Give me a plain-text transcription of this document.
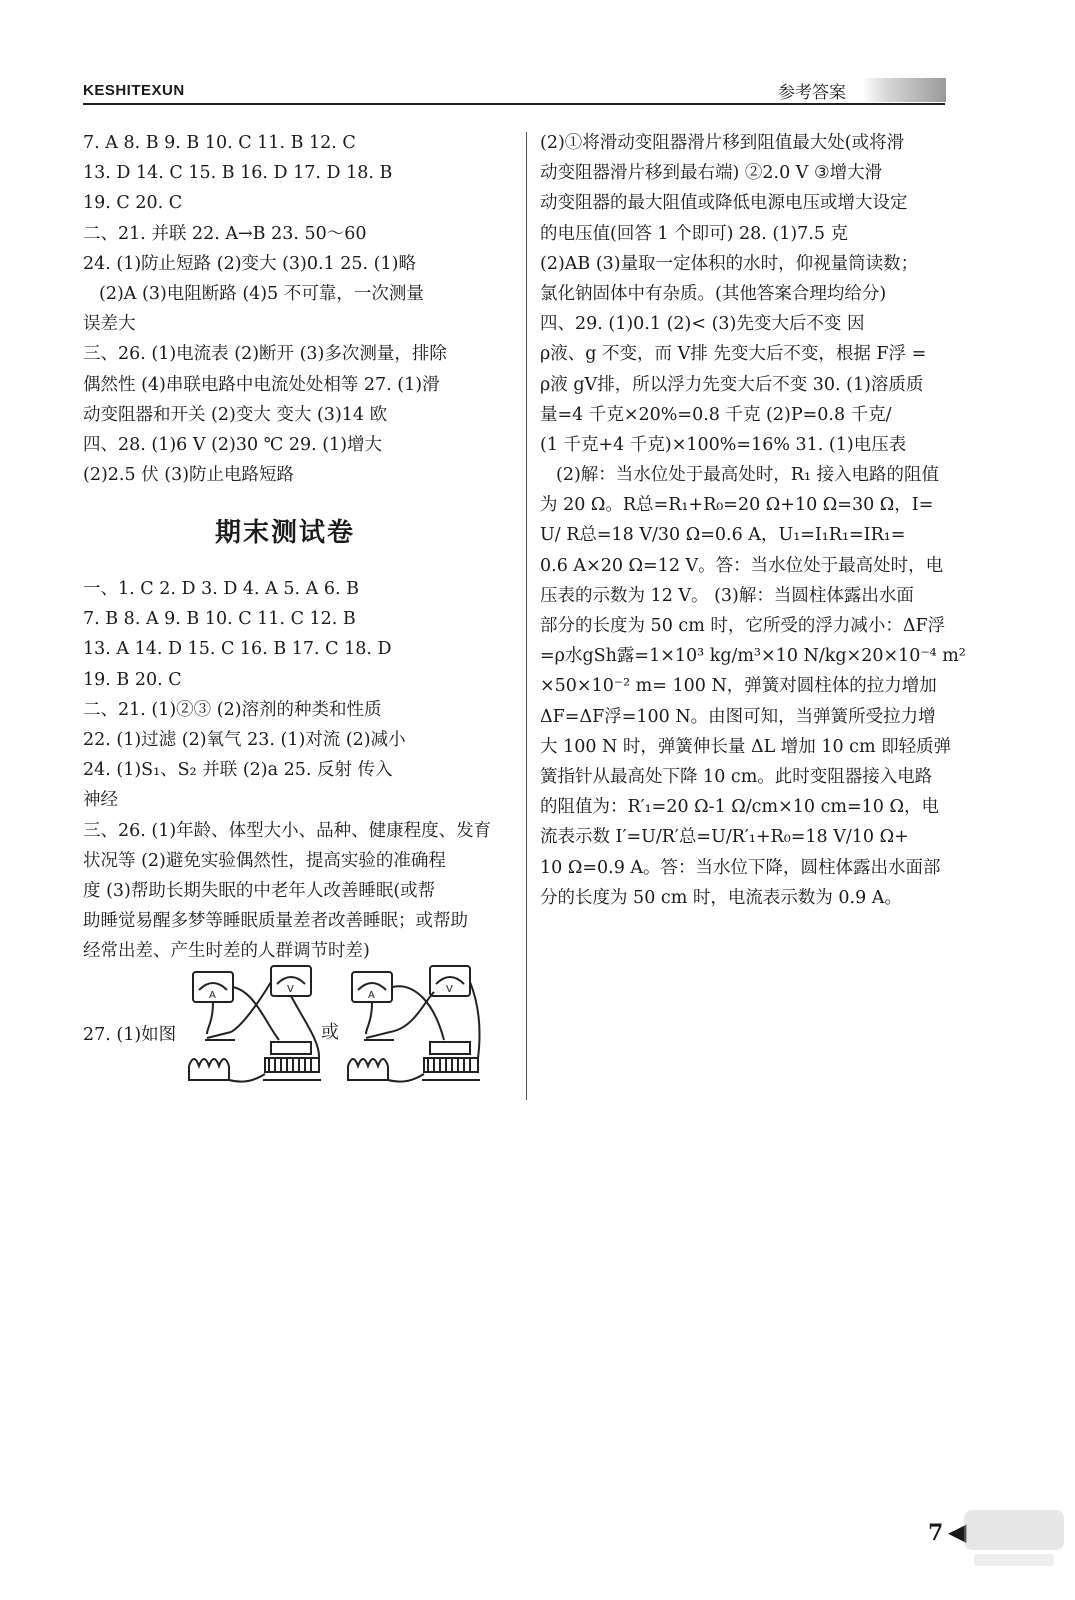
KESHITEXUN	参考答案
7. A 8. B 9. B 10. C 11. B 12. C
13. D 14. C 15. B 16. D 17. D 18. B
19. C 20. C
二、21. 并联 22. A→B 23. 50～60
24. (1)防止短路 (2)变大 (3)0.1 25. (1)略
(2)A (3)电阻断路 (4)5 不可靠，一次测量
误差大
三、26. (1)电流表 (2)断开 (3)多次测量，排除
偶然性 (4)串联电路中电流处处相等 27. (1)滑
动变阻器和开关 (2)变大 变大 (3)14 欧
四、28. (1)6 V (2)30 ℃ 29. (1)增大
(2)2.5 伏 (3)防止电路短路
期末测试卷
一、1. C 2. D 3. D 4. A 5. A 6. B
7. B 8. A 9. B 10. C 11. C 12. B
13. A 14. D 15. C 16. B 17. C 18. D
19. B 20. C
二、21. (1)②③ (2)溶剂的种类和性质
22. (1)过滤 (2)氧气 23. (1)对流 (2)减小
24. (1)S₁、S₂ 并联 (2)a 25. 反射 传入
神经
三、26. (1)年龄、体型大小、品种、健康程度、发育
状况等 (2)避免实验偶然性，提高实验的准确程
度 (3)帮助长期失眠的中老年人改善睡眠(或帮
助睡觉易醒多梦等睡眠质量差者改善睡眠；或帮助
经常出差、产生时差的人群调节时差)
27. (1)如图	或
A
V
A
V
(2)①将滑动变阻器滑片移到阻值最大处(或将滑
动变阻器滑片移到最右端) ②2.0 V ③增大滑
动变阻器的最大阻值或降低电源电压或增大设定
的电压值(回答 1 个即可) 28. (1)7.5 克
(2)AB (3)量取一定体积的水时，仰视量筒读数；
氯化钠固体中有杂质。(其他答案合理均给分)
四、29. (1)0.1 (2)< (3)先变大后不变 因
ρ液、g 不变，而 V排 先变大后不变，根据 F浮 =
ρ液 gV排，所以浮力先变大后不变 30. (1)溶质质
量=4 千克×20%=0.8 千克 (2)P=0.8 千克/
(1 千克+4 千克)×100%=16% 31. (1)电压表
(2)解：当水位处于最高处时，R₁ 接入电路的阻值
为 20 Ω。R总=R₁+R₀=20 Ω+10 Ω=30 Ω，I=
U/ R总=18 V/30 Ω=0.6 A，U₁=I₁R₁=IR₁=
0.6 A×20 Ω=12 V。答：当水位处于最高处时，电
压表的示数为 12 V。 (3)解：当圆柱体露出水面
部分的长度为 50 cm 时，它所受的浮力减小：ΔF浮
=ρ水gSh露=1×10³ kg/m³×10 N/kg×20×10⁻⁴ m²
×50×10⁻² m= 100 N，弹簧对圆柱体的拉力增加
ΔF=ΔF浮=100 N。由图可知，当弹簧所受拉力增
大 100 N 时，弹簧伸长量 ΔL 增加 10 cm 即轻质弹
簧指针从最高处下降 10 cm。此时变阻器接入电路
的阻值为：R′₁=20 Ω-1 Ω/cm×10 cm=10 Ω，电
流表示数 I′=U/R′总=U/R′₁+R₀=18 V/10 Ω+
10 Ω=0.9 A。答：当水位下降，圆柱体露出水面部
分的长度为 50 cm 时，电流表示数为 0.9 A。
7 ◀
